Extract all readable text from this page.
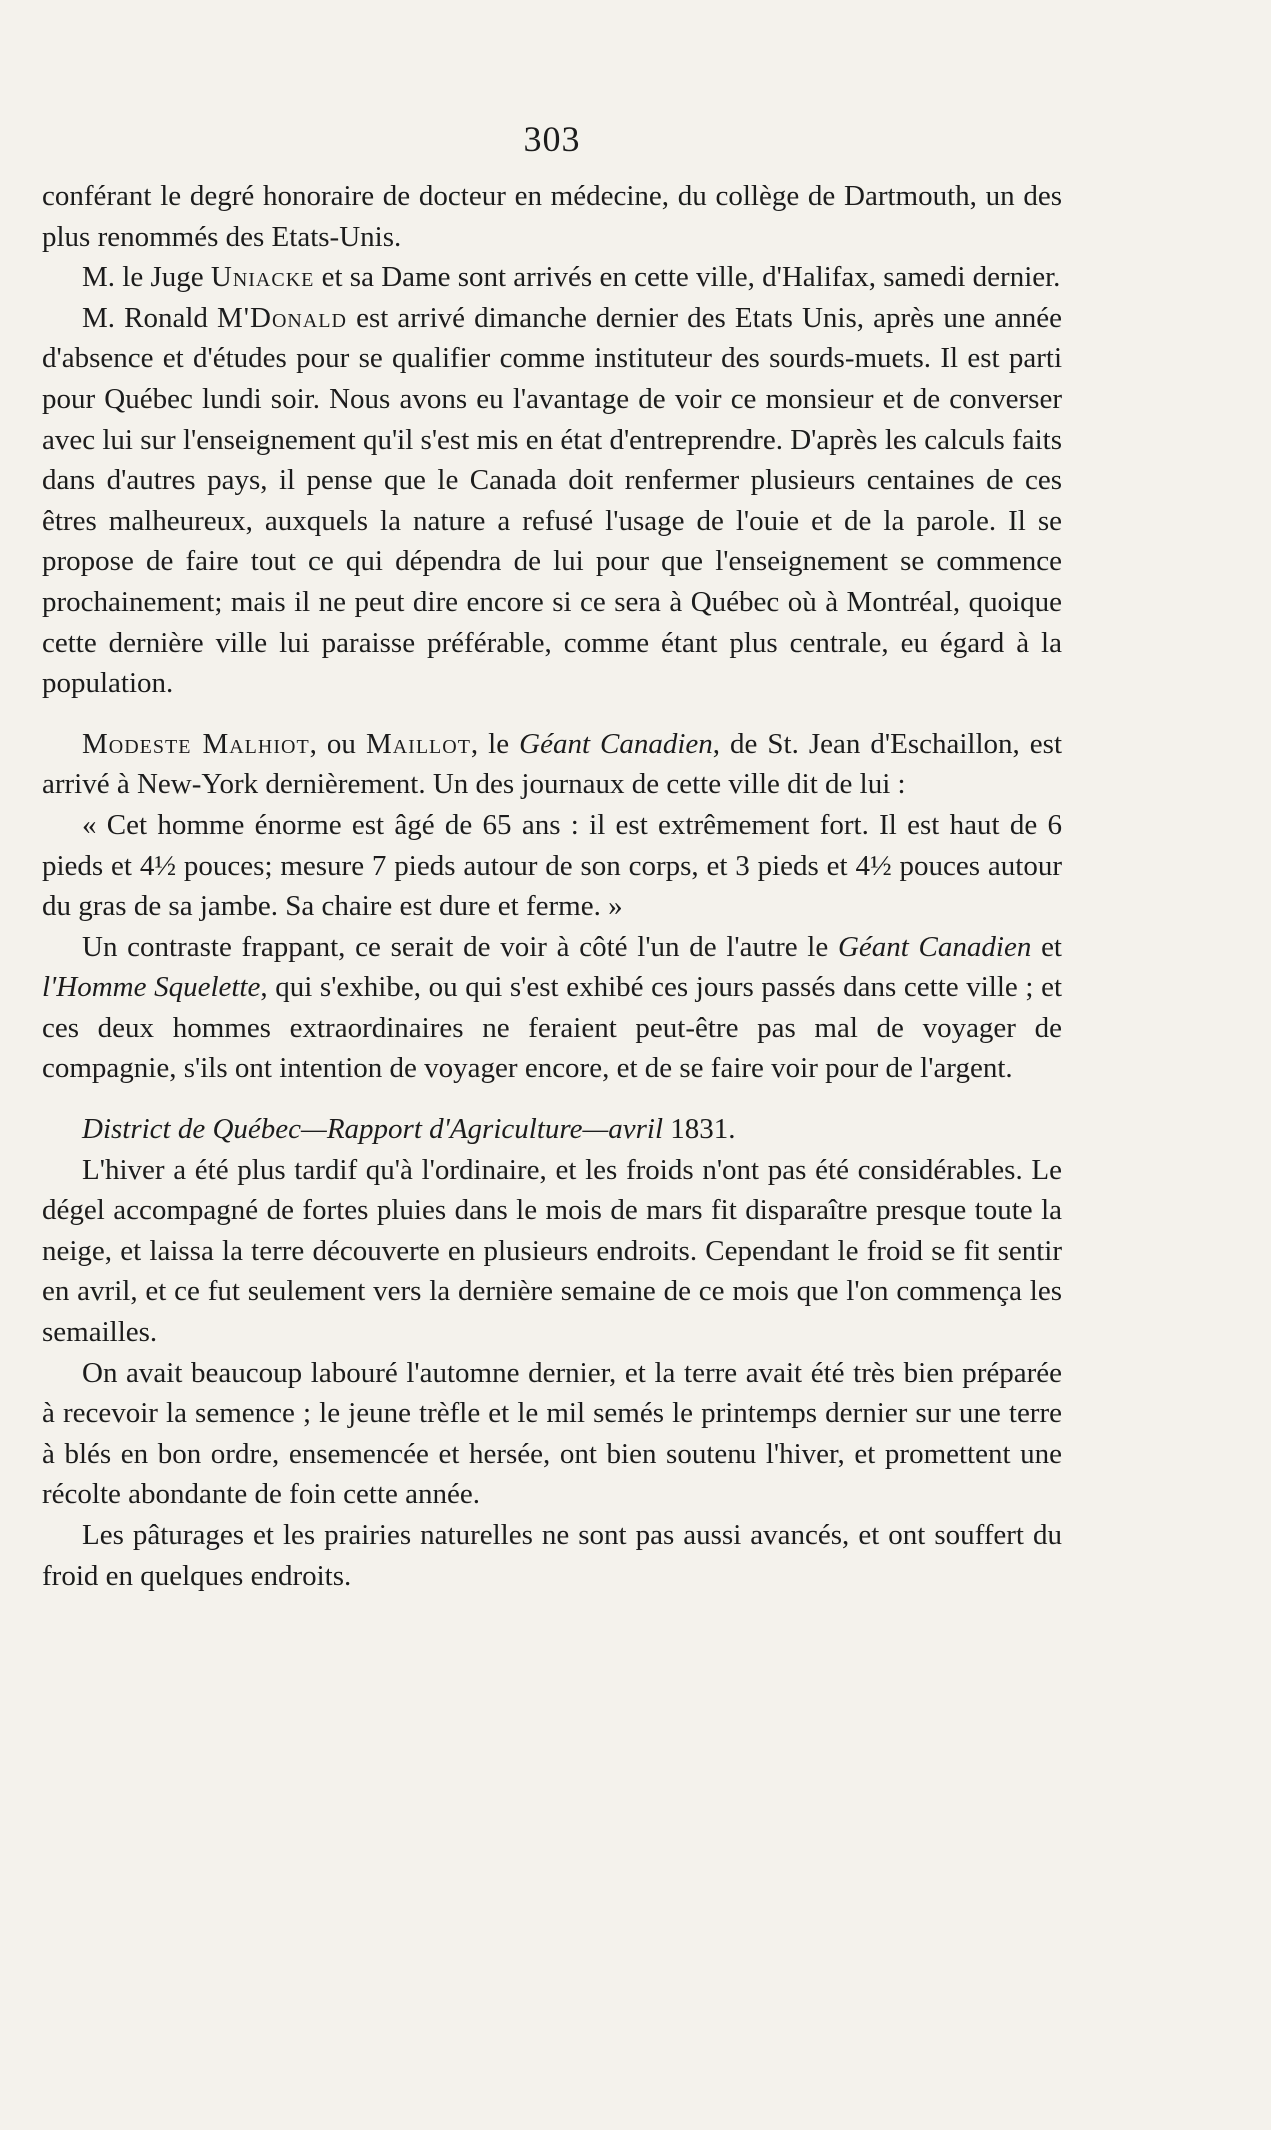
303

conférant le degré honoraire de docteur en médecine, du collège de Dartmouth, un des plus renommés des Etats-Unis.

M. le Juge Uniacke et sa Dame sont arrivés en cette ville, d'Halifax, samedi dernier.

M. Ronald M'Donald est arrivé dimanche dernier des Etats Unis, après une année d'absence et d'études pour se qualifier comme instituteur des sourds-muets. Il est parti pour Québec lundi soir. Nous avons eu l'avantage de voir ce monsieur et de converser avec lui sur l'enseignement qu'il s'est mis en état d'entreprendre. D'après les calculs faits dans d'autres pays, il pense que le Canada doit renfermer plusieurs centaines de ces êtres malheureux, auxquels la nature a refusé l'usage de l'ouie et de la parole. Il se propose de faire tout ce qui dépendra de lui pour que l'enseignement se commence prochainement; mais il ne peut dire encore si ce sera à Québec où à Montréal, quoique cette dernière ville lui paraisse préférable, comme étant plus centrale, eu égard à la population.

Modeste Malhiot, ou Maillot, le Géant Canadien, de St. Jean d'Eschaillon, est arrivé à New-York dernièrement. Un des journaux de cette ville dit de lui :

« Cet homme énorme est âgé de 65 ans : il est extrêmement fort. Il est haut de 6 pieds et 4½ pouces; mesure 7 pieds autour de son corps, et 3 pieds et 4½ pouces autour du gras de sa jambe. Sa chaire est dure et ferme. »

Un contraste frappant, ce serait de voir à côté l'un de l'autre le Géant Canadien et l'Homme Squelette, qui s'exhibe, ou qui s'est exhibé ces jours passés dans cette ville ; et ces deux hommes extraordinaires ne feraient peut-être pas mal de voyager de compagnie, s'ils ont intention de voyager encore, et de se faire voir pour de l'argent.

District de Québec—Rapport d'Agriculture—avril 1831.

L'hiver a été plus tardif qu'à l'ordinaire, et les froids n'ont pas été considérables. Le dégel accompagné de fortes pluies dans le mois de mars fit disparaître presque toute la neige, et laissa la terre découverte en plusieurs endroits. Cependant le froid se fit sentir en avril, et ce fut seulement vers la dernière semaine de ce mois que l'on commença les semailles.

On avait beaucoup labouré l'automne dernier, et la terre avait été très bien préparée à recevoir la semence ; le jeune trèfle et le mil semés le printemps dernier sur une terre à blés en bon ordre, ensemencée et hersée, ont bien soutenu l'hiver, et promettent une récolte abondante de foin cette année.

Les pâturages et les prairies naturelles ne sont pas aussi avancés, et ont souffert du froid en quelques endroits.
